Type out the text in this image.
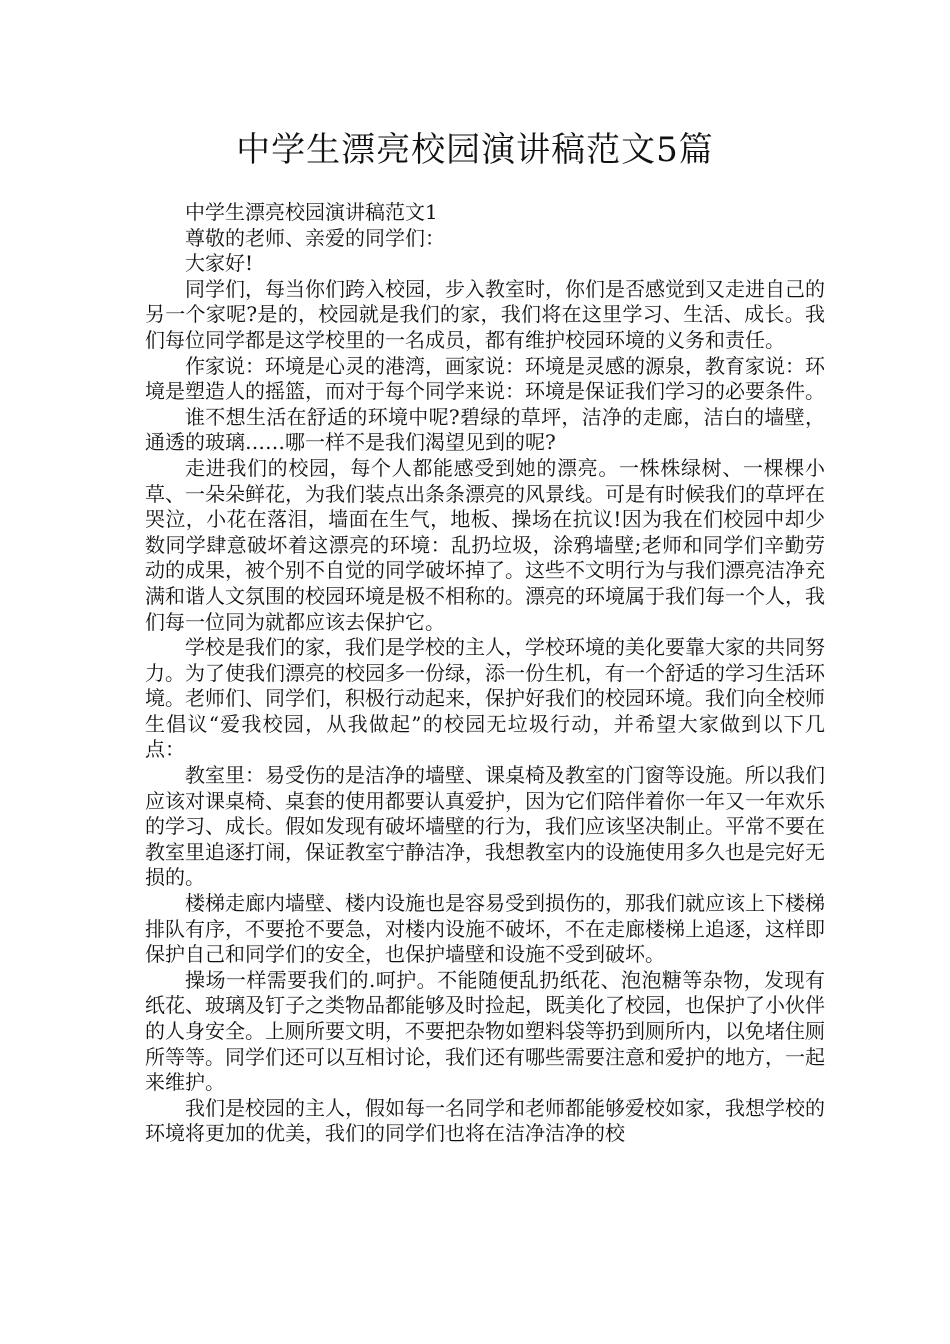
中学生漂亮校园演讲稿范文5篇

中学生漂亮校园演讲稿范文1

尊敬的老师、亲爱的同学们：

大家好!

同学们，每当你们跨入校园，步入教室时，你们是否感觉到又走进自己的另一个家呢?是的，校园就是我们的家，我们将在这里学习、生活、成长。我们每位同学都是这学校里的一名成员，都有维护校园环境的义务和责任。

作家说：环境是心灵的港湾，画家说：环境是灵感的源泉，教育家说：环境是塑造人的摇篮，而对于每个同学来说：环境是保证我们学习的必要条件。

谁不想生活在舒适的环境中呢?碧绿的草坪，洁净的走廊，洁白的墙壁，通透的玻璃……哪一样不是我们渴望见到的呢?

走进我们的校园，每个人都能感受到她的漂亮。一株株绿树、一棵棵小草、一朵朵鲜花，为我们装点出条条漂亮的风景线。可是有时候我们的草坪在哭泣，小花在落泪，墙面在生气，地板、操场在抗议!因为我在们校园中却少数同学肆意破坏着这漂亮的环境：乱扔垃圾，涂鸦墙壁;老师和同学们辛勤劳动的成果，被个别不自觉的同学破坏掉了。这些不文明行为与我们漂亮洁净充满和谐人文氛围的校园环境是极不相称的。漂亮的环境属于我们每一个人，我们每一位同为就都应该去保护它。

学校是我们的家，我们是学校的主人，学校环境的美化要靠大家的共同努力。为了使我们漂亮的校园多一份绿，添一份生机，有一个舒适的学习生活环境。老师们、同学们，积极行动起来，保护好我们的校园环境。我们向全校师生倡议“爱我校园，从我做起”的校园无垃圾行动，并希望大家做到以下几点：

教室里：易受伤的是洁净的墙壁、课桌椅及教室的门窗等设施。所以我们应该对课桌椅、桌套的使用都要认真爱护，因为它们陪伴着你一年又一年欢乐的学习、成长。假如发现有破坏墙壁的行为，我们应该坚决制止。平常不要在教室里追逐打闹，保证教室宁静洁净，我想教室内的设施使用多久也是完好无损的。

楼梯走廊内墙壁、楼内设施也是容易受到损伤的，那我们就应该上下楼梯排队有序，不要抢不要急，对楼内设施不破坏，不在走廊楼梯上追逐，这样即保护自己和同学们的安全，也保护墙壁和设施不受到破坏。

操场一样需要我们的.呵护。不能随便乱扔纸花、泡泡糖等杂物，发现有纸花、玻璃及钉子之类物品都能够及时捡起，既美化了校园，也保护了小伙伴的人身安全。上厕所要文明，不要把杂物如塑料袋等扔到厕所内，以免堵住厕所等等。同学们还可以互相讨论，我们还有哪些需要注意和爱护的地方，一起来维护。

我们是校园的主人，假如每一名同学和老师都能够爱校如家，我想学校的环境将更加的优美，我们的同学们也将在洁净洁净的校
